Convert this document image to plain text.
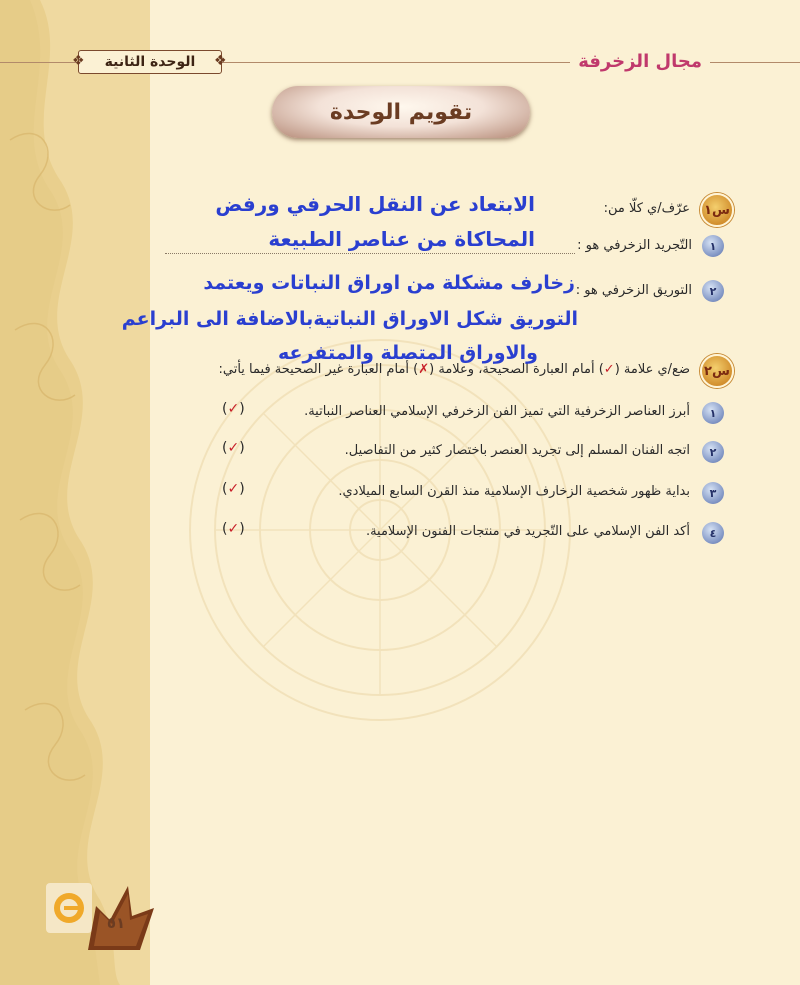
❖	❖
الوحدة الثانية	مجال الزخرفة
تقويم الوحدة
س١
عرّف/ي كلّا من:
١
التّجريد الزخرفي هو :
الابتعاد عن النقل الحرفي ورفض
المحاكاة من عناصر الطبيعة
٢
التوريق الزخرفي هو :
زخارف مشكلة من اوراق النباتات ويعتمد
التوريق شكل الاوراق النباتيةبالاضافة الى البراعم
س٢
ضع/ي علامة (✓) أمام العبارة الصحيحة، وعلامة (✗) أمام العبارة غير الصحيحة فيما يأتي:
والاوراق المتصلة والمتفرعه
١
أبرز العناصر الزخرفية التي تميز الفن الزخرفي الإسلامي العناصر النباتية.
(✓)
٢
اتجه الفنان المسلم إلى تجريد العنصر باختصار كثير من التفاصيل.
(✓)
٣
بداية ظهور شخصية الزخارف الإسلامية منذ القرن السابع الميلادي.
(✓)
٤
أكد الفن الإسلامي على التّجريد في منتجات الفنون الإسلامية.
(✓)
٥١
